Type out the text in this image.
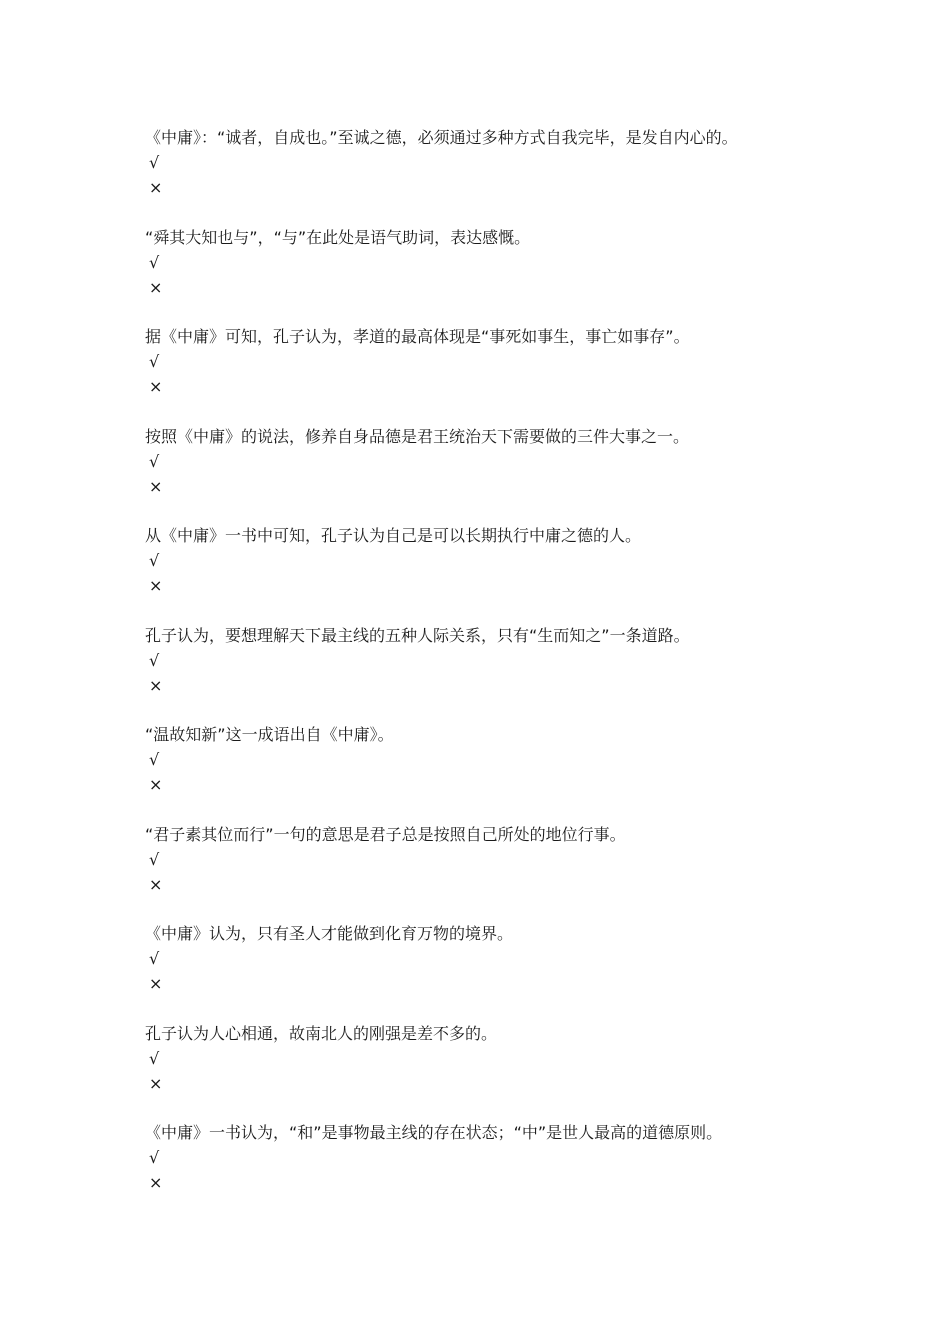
《中庸》：“诚者，自成也。”至诚之德，必须通过多种方式自我完毕，是发自内心的。
√
×
“舜其大知也与”，“与”在此处是语气助词，表达感慨。
√
×
据《中庸》可知，孔子认为，孝道的最高体现是“事死如事生，事亡如事存”。
√
×
按照《中庸》的说法，修养自身品德是君王统治天下需要做的三件大事之一。
√
×
从《中庸》一书中可知，孔子认为自己是可以长期执行中庸之德的人。
√
×
孔子认为，要想理解天下最主线的五种人际关系，只有“生而知之”一条道路。
√
×
“温故知新”这一成语出自《中庸》。
√
×
“君子素其位而行”一句的意思是君子总是按照自己所处的地位行事。
√
×
《中庸》认为，只有圣人才能做到化育万物的境界。
√
×
孔子认为人心相通，故南北人的刚强是差不多的。
√
×
《中庸》一书认为，“和”是事物最主线的存在状态；“中”是世人最高的道德原则。
√
×
